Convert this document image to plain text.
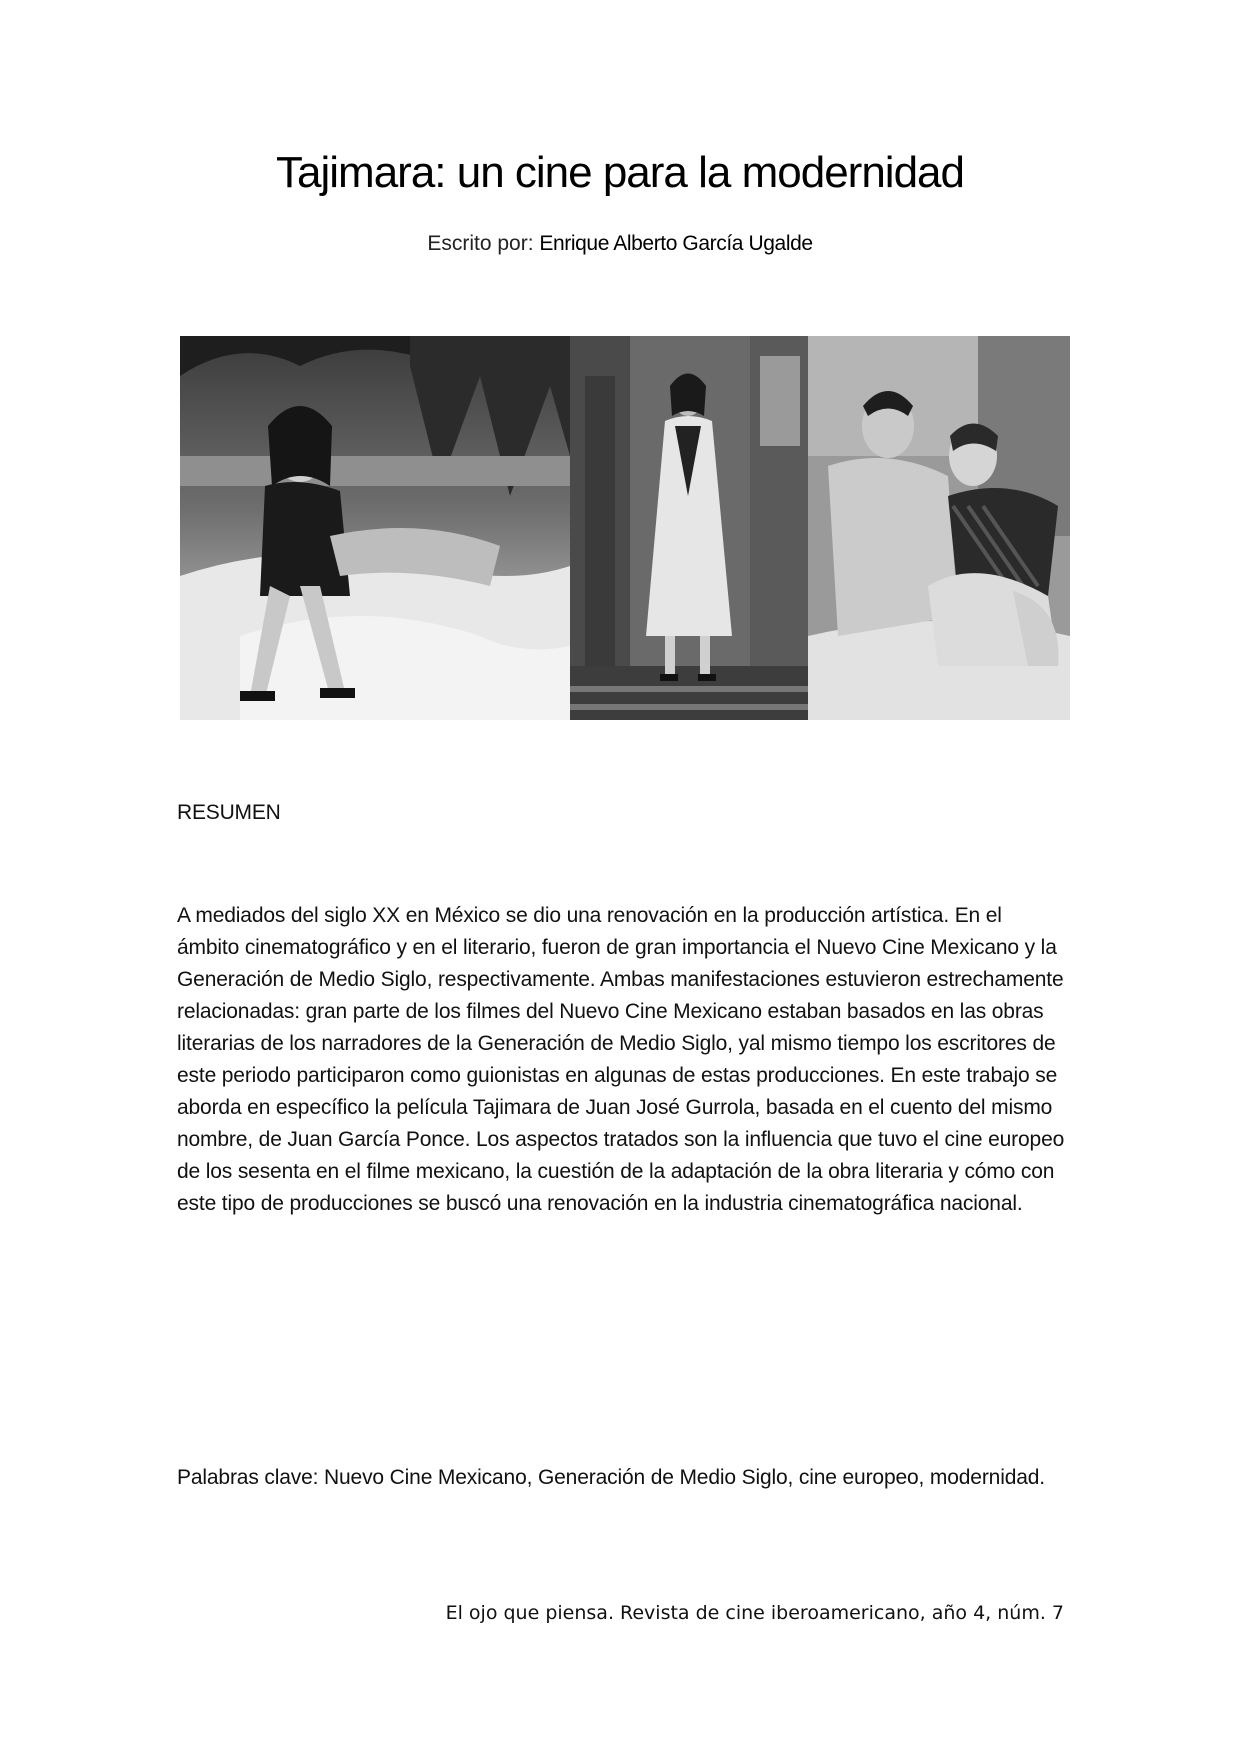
Tajimara: un cine para la modernidad
Escrito por: Enrique Alberto García Ugalde
RESUMEN

A mediados del siglo XX en México se dio una renovación en la producción artística. En el ámbito cinematográfico y en el literario, fueron de gran importancia el Nuevo Cine Mexicano y la Generación de Medio Siglo, respectivamente. Ambas manifestaciones estuvieron estrechamente relacionadas: gran parte de los filmes del Nuevo Cine Mexicano estaban basados en las obras literarias de los narradores de la Generación de Medio Siglo, yal mismo tiempo los escritores de este periodo participaron como guionistas en algunas de estas producciones. En este trabajo se aborda en específico la película Tajimara de Juan José Gurrola, basada en el cuento del mismo nombre, de Juan García Ponce. Los aspectos tratados son la influencia que tuvo el cine europeo de los sesenta en el filme mexicano, la cuestión de la adaptación de la obra literaria y cómo con este tipo de producciones se buscó una renovación en la industria cinematográfica nacional.

Palabras clave: Nuevo Cine Mexicano, Generación de Medio Siglo, cine europeo, modernidad.

El ojo que piensa. Revista de cine iberoamericano, año 4, núm. 7
